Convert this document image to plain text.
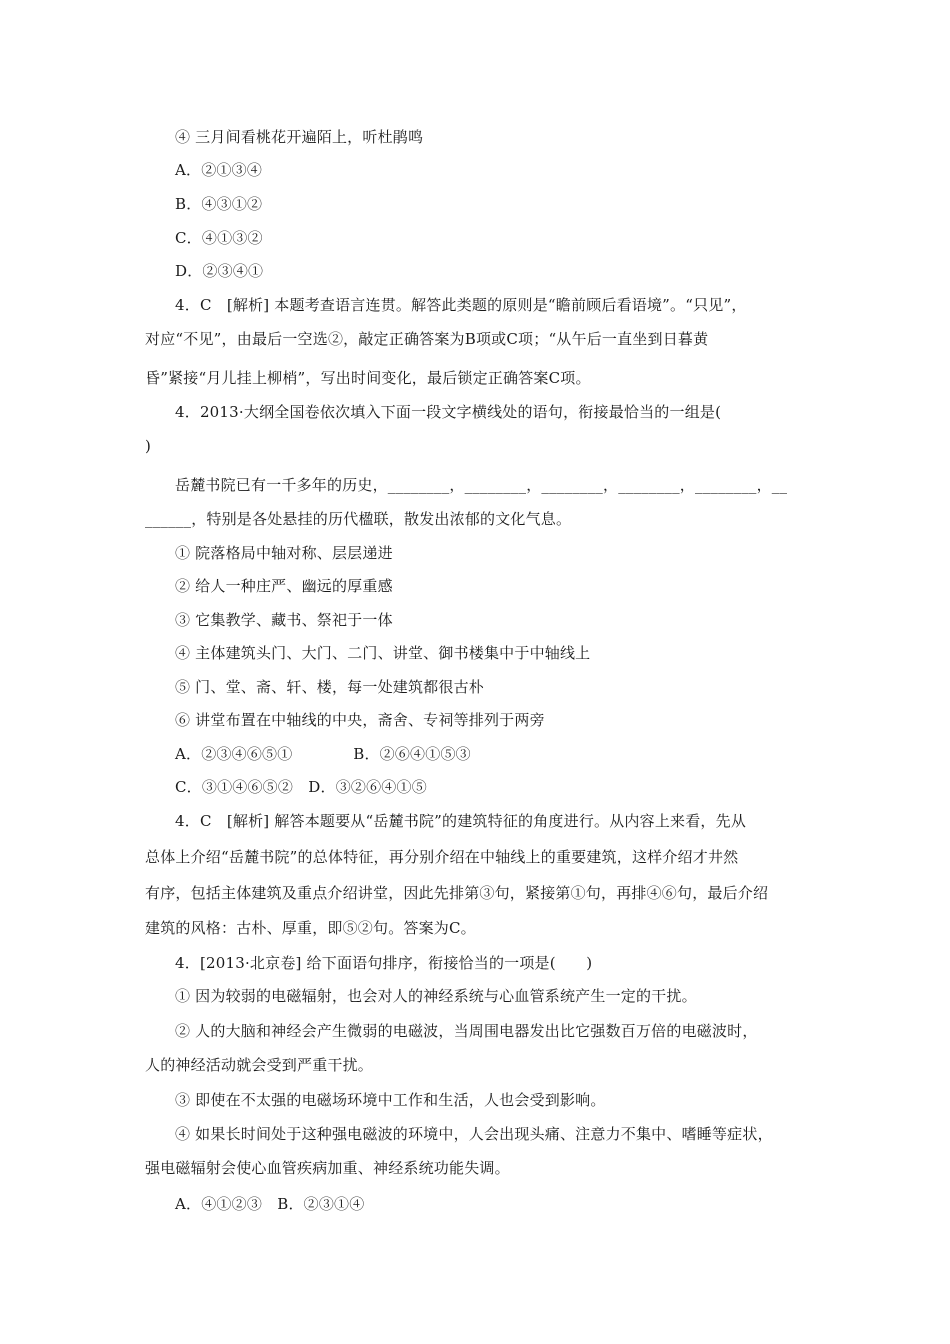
④ 三月间看桃花开遍陌上，听杜鹃鸣
A．②①③④
B．④③①②
C．④①③②
D．②③④①
4．C　[解析] 本题考查语言连贯。解答此类题的原则是“瞻前顾后看语境”。“只见”，
对应“不见”，由最后一空选②，敲定正确答案为B项或C项；“从午后一直坐到日暮黄
昏”紧接“月儿挂上柳梢”，写出时间变化，最后锁定正确答案C项。
4．2013·大纲全国卷依次填入下面一段文字横线处的语句，衔接最恰当的一组是(
)
岳麓书院已有一千多年的历史，________，________，________，________，________，__
______，特别是各处悬挂的历代楹联，散发出浓郁的文化气息。
① 院落格局中轴对称、层层递进
② 给人一种庄严、幽远的厚重感
③ 它集教学、藏书、祭祀于一体
④ 主体建筑头门、大门、二门、讲堂、御书楼集中于中轴线上
⑤ 门、堂、斋、轩、楼，每一处建筑都很古朴
⑥ 讲堂布置在中轴线的中央，斋舍、专祠等排列于两旁
A．②③④⑥⑤①　　　　B．②⑥④①⑤③
C．③①④⑥⑤②　D．③②⑥④①⑤
4．C　[解析] 解答本题要从“岳麓书院”的建筑特征的角度进行。从内容上来看，先从
总体上介绍“岳麓书院”的总体特征，再分别介绍在中轴线上的重要建筑，这样介绍才井然
有序，包括主体建筑及重点介绍讲堂，因此先排第③句，紧接第①句，再排④⑥句，最后介绍
建筑的风格：古朴、厚重，即⑤②句。答案为C。
4．[2013·北京卷] 给下面语句排序，衔接恰当的一项是(　　)
① 因为较弱的电磁辐射，也会对人的神经系统与心血管系统产生一定的干扰。
② 人的大脑和神经会产生微弱的电磁波，当周围电器发出比它强数百万倍的电磁波时，
人的神经活动就会受到严重干扰。
③ 即使在不太强的电磁场环境中工作和生活，人也会受到影响。
④ 如果长时间处于这种强电磁波的环境中，人会出现头痛、注意力不集中、嗜睡等症状，
强电磁辐射会使心血管疾病加重、神经系统功能失调。
A．④①②③　B．②③①④
